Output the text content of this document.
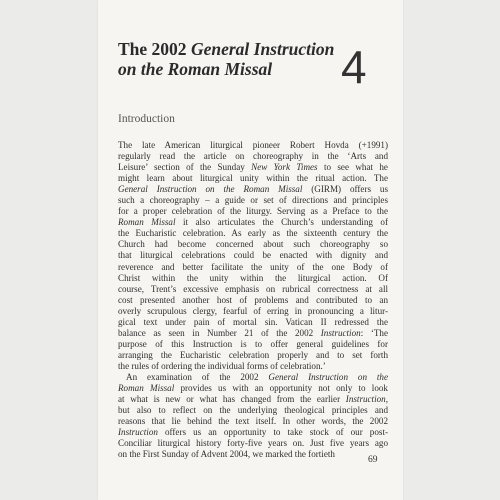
The 2002 General Instruction
on the Roman Missal	4
Introduction
The late American liturgical pioneer Robert Hovda (+1991)
regularly read the article on choreography in the ‘Arts and
Leisure’ section of the Sunday New York Times to see what he
might learn about liturgical unity within the ritual action. The
General Instruction on the Roman Missal (GIRM) offers us
such a choreography – a guide or set of directions and principles
for a proper celebration of the liturgy. Serving as a Preface to the
Roman Missal it also articulates the Church’s understanding of
the Eucharistic celebration. As early as the sixteenth century the
Church had become concerned about such choreography so
that liturgical celebrations could be enacted with dignity and
reverence and better facilitate the unity of the one Body of
Christ within the unity within the liturgical action. Of
course, Trent’s excessive emphasis on rubrical correctness at all
cost presented another host of problems and contributed to an
overly scrupulous clergy, fearful of erring in pronouncing a litur-
gical text under pain of mortal sin. Vatican II redressed the
balance as seen in Number 21 of the 2002 Instruction: ‘The
purpose of this Instruction is to offer general guidelines for
arranging the Eucharistic celebration properly and to set forth
the rules of ordering the individual forms of celebration.’
An examination of the 2002 General Instruction on the
Roman Missal provides us with an opportunity not only to look
at what is new or what has changed from the earlier Instruction,
but also to reflect on the underlying theological principles and
reasons that lie behind the text itself. In other words, the 2002
Instruction offers us an opportunity to take stock of our post-
Conciliar liturgical history forty-five years on. Just five years ago
on the First Sunday of Advent 2004, we marked the fortieth
69
